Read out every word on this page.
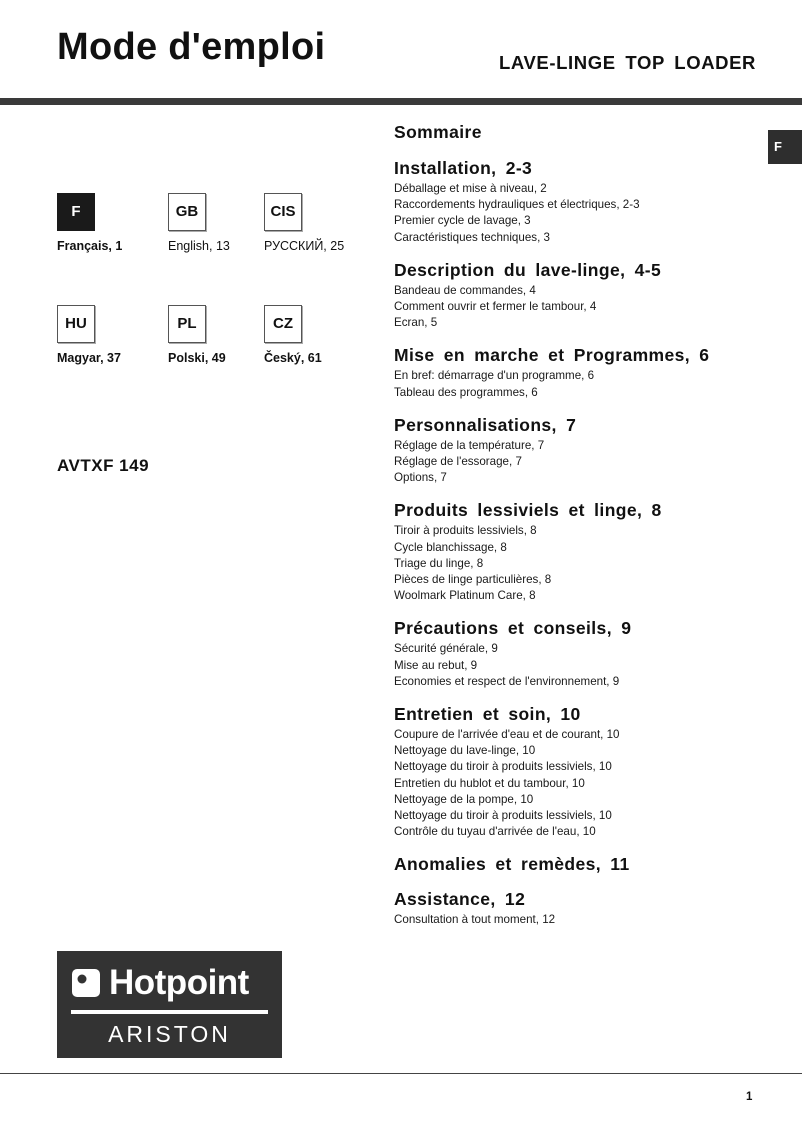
Mode d'emploi	LAVE-LINGE TOP LOADER
F
F
Français, 1
GB
English, 13
CIS
РУССКИЙ, 25
HU
Magyar, 37
PL
Polski, 49
CZ
Český, 61
AVTXF 149
Sommaire
Installation, 2-3
Déballage et mise à niveau, 2
Raccordements hydrauliques et électriques, 2-3
Premier cycle de lavage, 3
Caractéristiques techniques, 3
Description du lave-linge, 4-5
Bandeau de commandes, 4
Comment ouvrir et fermer le tambour, 4
Ecran, 5
Mise en marche et Programmes, 6
En bref: démarrage d'un programme, 6
Tableau des programmes, 6
Personnalisations, 7
Réglage de la température, 7
Réglage de l'essorage, 7
Options, 7
Produits lessiviels et linge, 8
Tiroir à produits lessiviels, 8
Cycle blanchissage, 8
Triage du linge, 8
Pièces de linge particulières, 8
Woolmark Platinum Care, 8
Précautions et conseils, 9
Sécurité générale, 9
Mise au rebut, 9
Economies et respect de l'environnement, 9
Entretien et soin, 10
Coupure de l'arrivée d'eau et de courant, 10
Nettoyage du lave-linge, 10
Nettoyage du tiroir à produits lessiviels, 10
Entretien du hublot et du tambour, 10
Nettoyage de la pompe, 10
Nettoyage du tiroir à produits lessiviels, 10
Contrôle du tuyau d'arrivée de l'eau, 10
Anomalies et remèdes, 11
Assistance, 12
Consultation à tout moment, 12
Hotpoint
ARISTON
1
